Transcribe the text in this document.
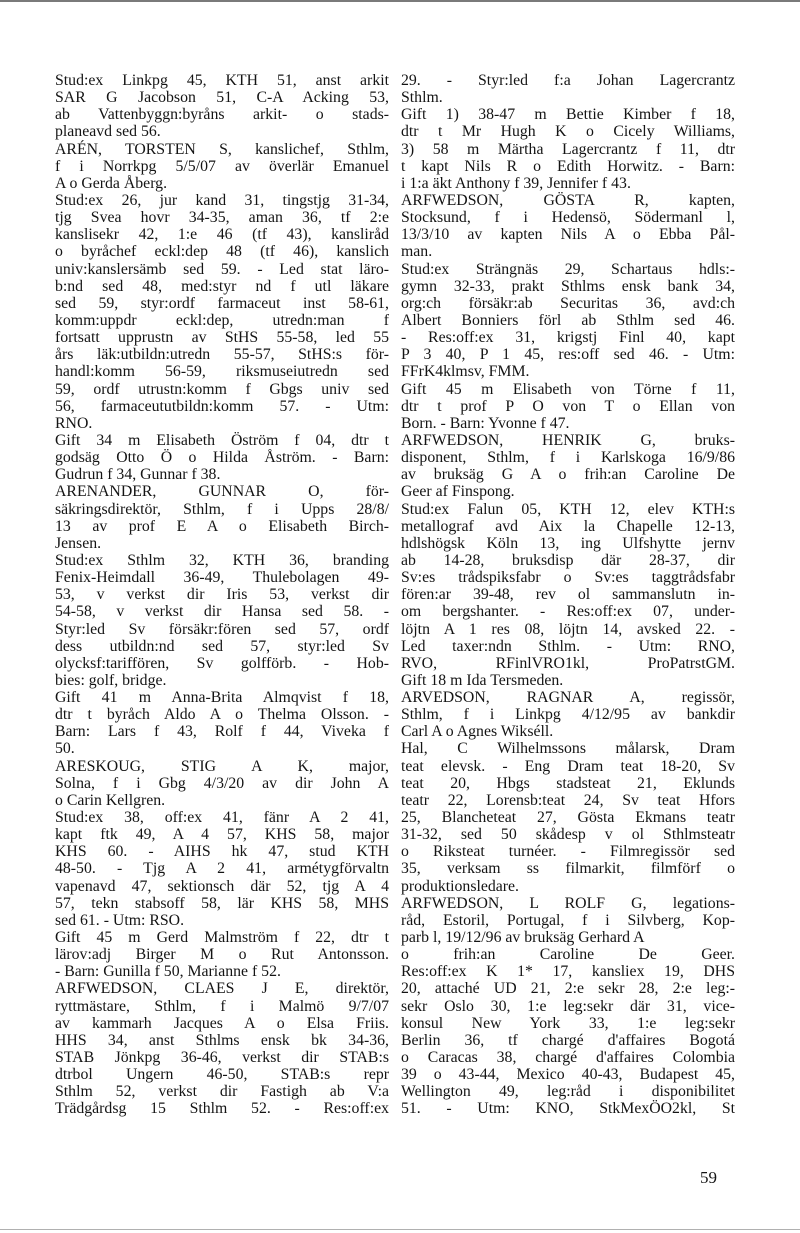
Stud:ex Linkpg 45, KTH 51, anst arkit
SAR G Jacobson 51, C-A Acking 53,
ab Vattenbyggn:byråns arkit- o stads-
planeavd sed 56.
ARÉN, TORSTEN S, kanslichef, Sthlm,
f i Norrkpg 5/5/07 av överlär Emanuel
A o Gerda Åberg.
Stud:ex 26, jur kand 31, tingstjg 31-34,
tjg Svea hovr 34-35, aman 36, tf 2:e
kanslisekr 42, 1:e 46 (tf 43), kanslіråd
o byråchef eckl:dep 48 (tf 46), kanslich
univ:kanslersämb sed 59. - Led stat läro-
b:nd sed 48, med:styr nd f utl läkare
sed 59, styr:ordf farmaceut inst 58-61,
komm:uppdr eckl:dep, utredn:man f
fortsatt upprustn av StHS 55-58, led 55
års läk:utbildn:utredn 55-57, StHS:s för-
handl:komm 56-59, riksmuseiutredn sed
59, ordf utrustn:komm f Gbgs univ sed
56, farmaceututbildn:komm 57. - Utm:
RNO.
Gift 34 m Elisabeth Öström f 04, dtr t
godsäg Otto Ö o Hilda Åström. - Barn:
Gudrun f 34, Gunnar f 38.
ARENANDER, GUNNAR O, för-
säkringsdirektör, Sthlm, f i Upps 28/8/
13 av prof E A o Elisabeth Birch-
Jensen.
Stud:ex Sthlm 32, KTH 36, branding
Fenix-Heimdall 36-49, Thulebolagen 49-
53, v verkst dir Iris 53, verkst dir
54-58, v verkst dir Hansa sed 58. -
Styr:led Sv försäkr:fören sed 57, ordf
dess utbildn:nd sed 57, styr:led Sv
olycksf:tariffören, Sv golfförb. - Hob-
bies: golf, bridge.
Gift 41 m Anna-Brita Almqvist f 18,
dtr t byråch Aldo A o Thelma Olsson. -
Barn: Lars f 43, Rolf f 44, Viveka f
50.
ARESKOUG, STIG A K, major,
Solna, f i Gbg 4/3/20 av dir John A
o Carin Kellgren.
Stud:ex 38, off:ex 41, fänr A 2 41,
kapt ftk 49, A 4 57, KHS 58, major
KHS 60. - AIHS hk 47, stud KTH
48-50. - Tjg A 2 41, armétygförvaltn
vapenavd 47, sektionsch där 52, tjg A 4
57, tekn stabsoff 58, lär KHS 58, MHS
sed 61. - Utm: RSO.
Gift 45 m Gerd Malmström f 22, dtr t
lärov:adj Birger M o Rut Antonsson.
- Barn: Gunilla f 50, Marianne f 52.
ARFWEDSON, CLAES J E, direktör,
ryttmästare, Sthlm, f i Malmö 9/7/07
av kammarh Jacques A o Elsa Friis.
HHS 34, anst Sthlms ensk bk 34-36,
STAB Jönkpg 36-46, verkst dir STAB:s
dtrbol Ungern 46-50, STAB:s repr
Sthlm 52, verkst dir Fastigh ab V:a
Trädgårdsg 15 Sthlm 52. - Res:off:ex
29. - Styr:led f:a Johan Lagercrantz
Sthlm.
Gift 1) 38-47 m Bettie Kimber f 18,
dtr t Mr Hugh K o Cicely Williams,
3) 58 m Märtha Lagercrantz f 11, dtr
t kapt Nils R o Edith Horwitz. - Barn:
i 1:a äkt Anthony f 39, Jennifer f 43.
ARFWEDSON, GÖSTA R, kapten,
Stocksund, f i Hedensö, Södermanl l,
13/3/10 av kapten Nils A o Ebba Pål-
man.
Stud:ex Strängnäs 29, Schartaus hdls:-
gymn 32-33, prakt Sthlms ensk bank 34,
org:ch försäkr:ab Securitas 36, avd:ch
Albert Bonniers förl ab Sthlm sed 46.
- Res:off:ex 31, krigstj Finl 40, kapt
P 3 40, P 1 45, res:off sed 46. - Utm:
FFrK4klmsv, FMM.
Gift 45 m Elisabeth von Törne f 11,
dtr t prof P O von T o Ellan von
Born. - Barn: Yvonne f 47.
ARFWEDSON, HENRIK G, bruks-
disponent, Sthlm, f i Karlskoga 16/9/86
av bruksäg G A o frih:an Caroline De
Geer af Finspong.
Stud:ex Falun 05, KTH 12, elev KTH:s
metallograf avd Aix la Chapelle 12-13,
hdlshögsk Köln 13, ing Ulfshytte jernv
ab 14-28, bruksdisp där 28-37, dir
Sv:es trådspiksfabr o Sv:es taggtrådsfabr
fören:ar 39-48, rev ol sammanslutn in-
om bergshanter. - Res:off:ex 07, under-
löjtn A 1 res 08, löjtn 14, avsked 22. -
Led taxer:ndn Sthlm. - Utm: RNO,
RVO, RFinlVRO1kl, ProPatrstGM.
Gift 18 m Ida Tersmeden.
ARVEDSON, RAGNAR A, regissör,
Sthlm, f i Linkpg 4/12/95 av bankdir
Carl A o Agnes Wikséll.
Hal, C Wilhelmssons målarsk, Dram
teat elevsk. - Eng Dram teat 18-20, Sv
teat 20, Hbgs stadsteat 21, Eklunds
teatr 22, Lorensb:teat 24, Sv teat Hfors
25, Blancheteat 27, Gösta Ekmans teatr
31-32, sed 50 skådesp v ol Sthlmsteatr
o Riksteat turnéer. - Filmregissör sed
35, verksam ss filmarkit, filmförf o
produktionsledare.
ARFWEDSON, L ROLF G, legations-
råd, Estoril, Portugal, f i Silvberg, Kop-
parb l, 19/12/96 av bruksäg Gerhard A
o frih:an Caroline De Geer.
Res:off:ex K 1* 17, kansliex 19, DHS
20, attaché UD 21, 2:e sekr 28, 2:e leg:-
sekr Oslo 30, 1:e leg:sekr där 31, vice-
konsul New York 33, 1:e leg:sekr
Berlin 36, tf chargé d'affaires Bogotá
o Caracas 38, chargé d'affaires Colombia
39 o 43-44, Mexico 40-43, Budapest 45,
Wellington 49, leg:råd i disponibilitet
51. - Utm: KNO, StkMexÖO2kl, St
59
